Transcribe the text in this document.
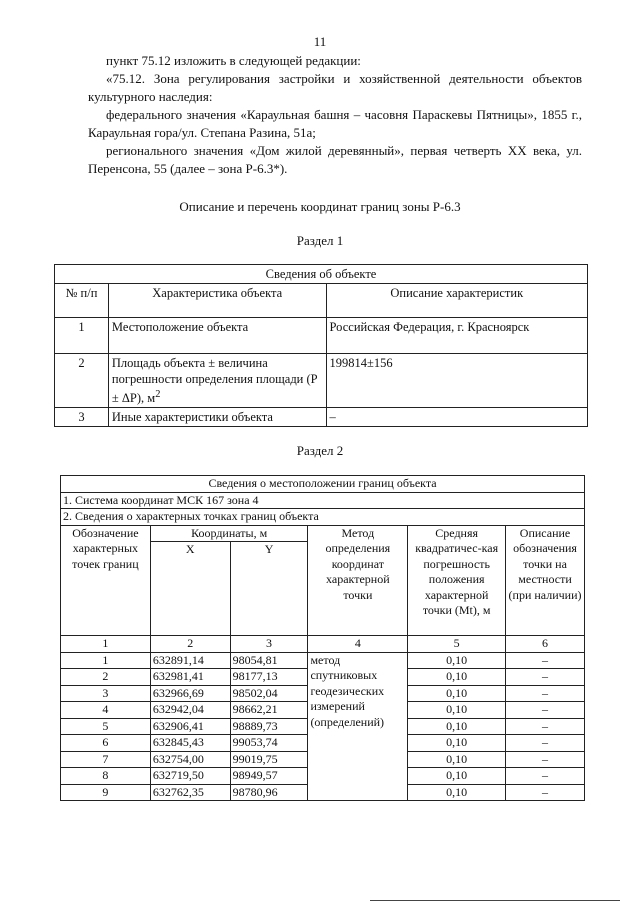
11

пункт 75.12 изложить в следующей редакции:

«75.12. Зона регулирования застройки и хозяйственной деятельности объектов культурного наследия:

федерального значения «Караульная башня – часовня Параскевы Пятницы», 1855 г., Караульная гора/ул. Степана Разина, 51а;

регионального значения «Дом жилой деревянный», первая четверть XX века, ул. Перенсона, 55 (далее – зона Р-6.3*).

Описание и перечень координат границ зоны Р-6.3
Раздел 1
Сведения об объекте		
№ п/п	Характеристика объекта	Описание характеристик
1	Местоположение объекта	Российская Федерация, г. Красноярск
2	Площадь объекта ± величина погрешности определения площади (P ± ΔP), $м^2$	199814±156
3	Иные характеристики объекта	–
Раздел 2
Сведения о местоположении границ объекта					
1. Система координат МСК 167 зона 4					
2. Сведения о характерных точках границ объекта					
Обозначение характерных точек границ	Координаты, м		Метод определения координат характерной точки	Средняя квадратичес-кая погрешность положения характерной точки (Mt), м	Описание обозначения точки на местности (при наличии)
	X	Y			
1	2	3	4	5	6
1	632891,14	98054,81	метод спутниковых геодезических измерений (определений)	0,10	–
2	632981,41	98177,13		0,10	–
3	632966,69	98502,04		0,10	–
4	632942,04	98662,21		0,10	–
5	632906,41	98889,73		0,10	–
6	632845,43	99053,74		0,10	–
7	632754,00	99019,75		0,10	–
8	632719,50	98949,57		0,10	–
9	632762,35	98780,96		0,10	–
